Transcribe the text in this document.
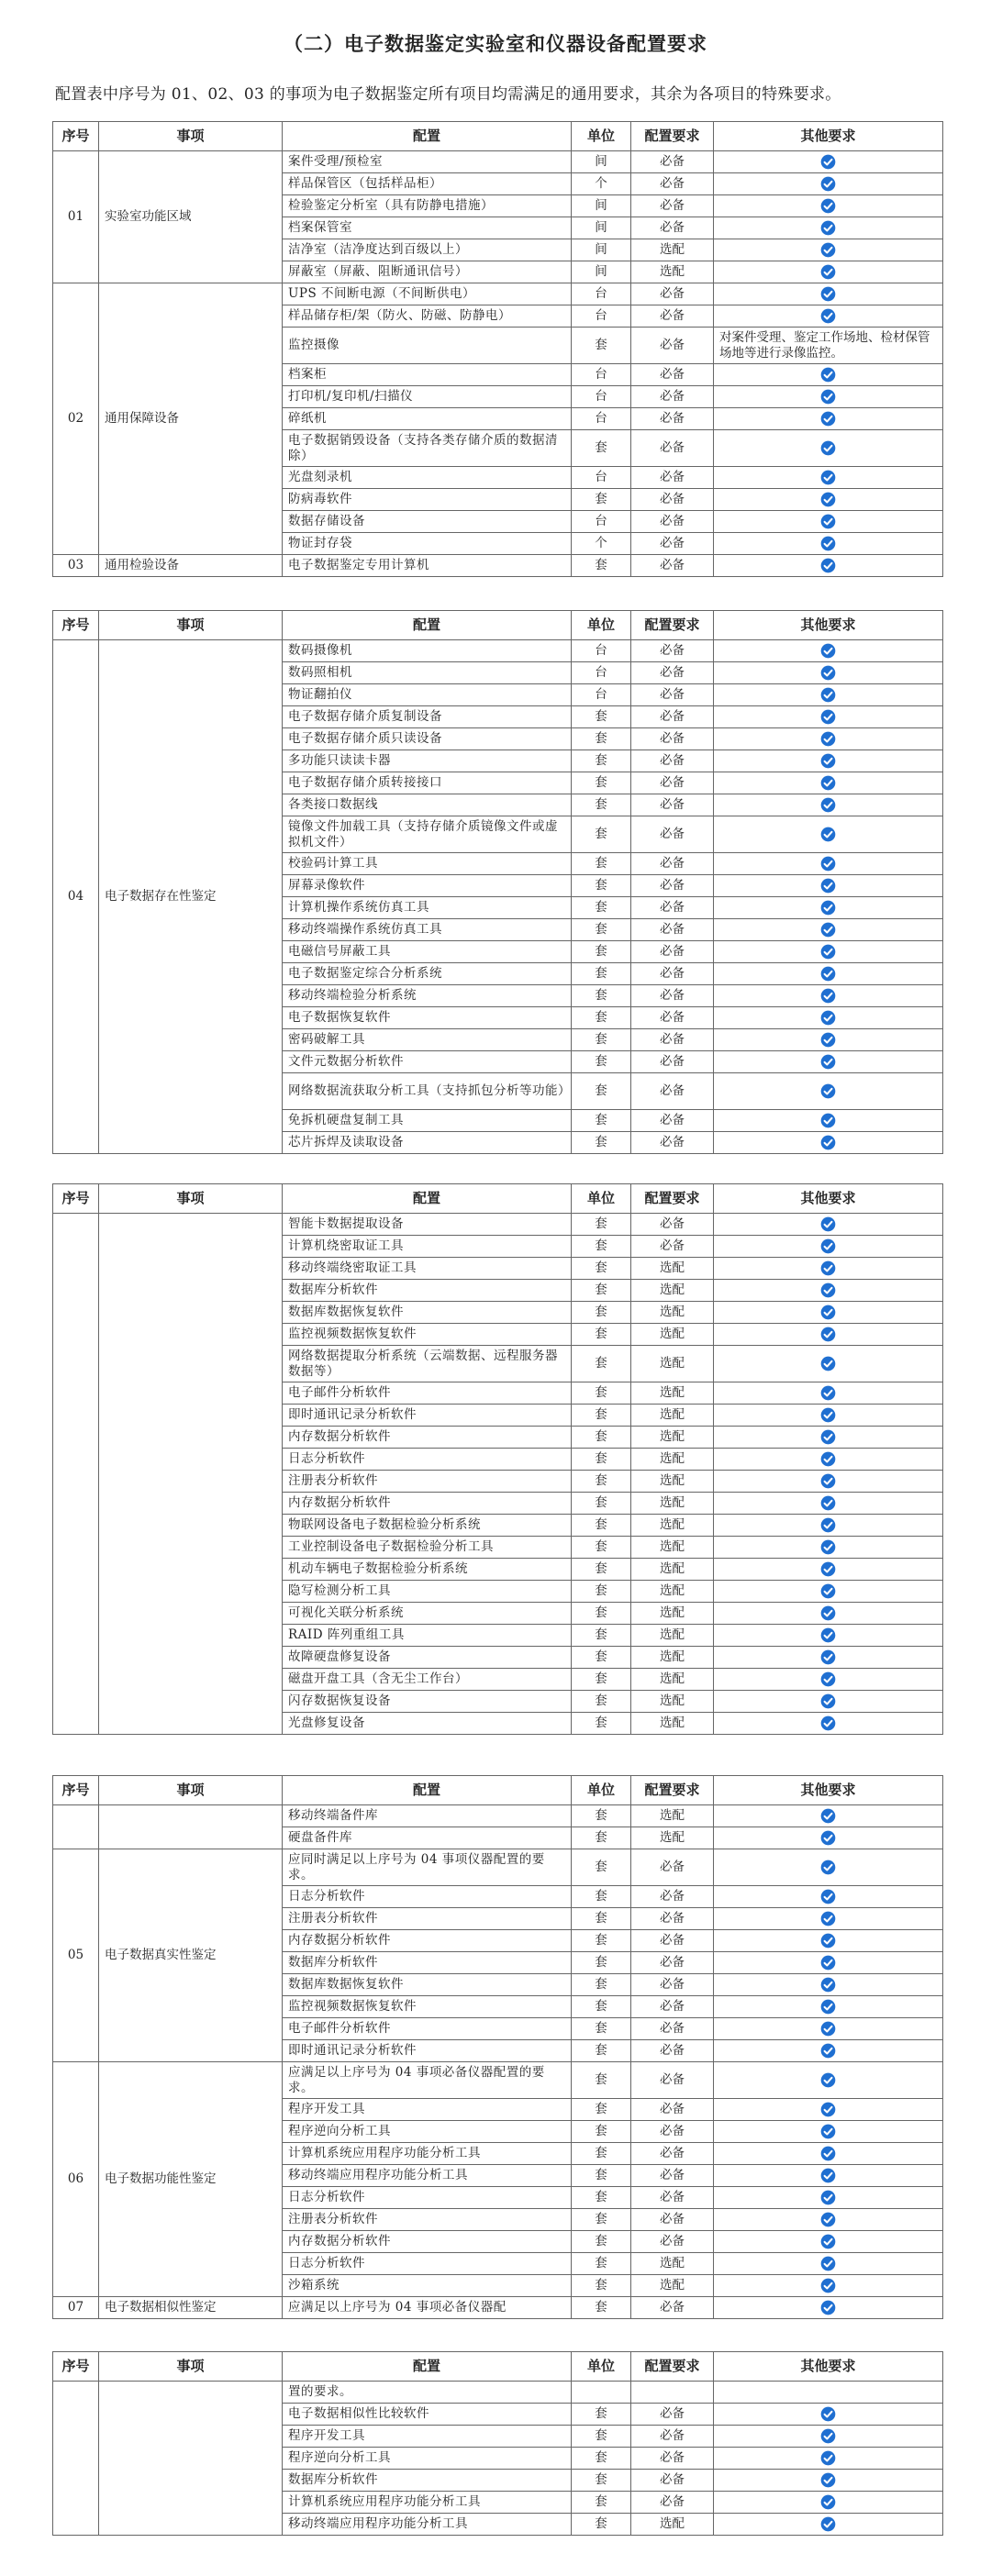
（二）电子数据鉴定实验室和仪器设备配置要求
配置表中序号为 01、02、03 的事项为电子数据鉴定所有项目均需满足的通用要求，其余为各项目的特殊要求。
序号	事项	配置	单位	配置要求	其他要求
01	实验室功能区域	案件受理/预检室	间	必备	

		样品保管区（包括样品柜）	个	必备	

		检验鉴定分析室（具有防静电措施）	间	必备	

		档案保管室	间	必备	

		洁净室（洁净度达到百级以上）	间	选配	

		屏蔽室（屏蔽、阻断通讯信号）	间	选配	

02	通用保障设备	UPS 不间断电源（不间断供电）	台	必备	

		样品储存柜/架（防火、防磁、防静电）	台	必备	

		监控摄像	套	必备	对案件受理、鉴定工作场地、检材保管场地等进行录像监控。
		档案柜	台	必备	

		打印机/复印机/扫描仪	台	必备	

		碎纸机	台	必备	

		电子数据销毁设备（支持各类存储介质的数据清除）	套	必备	

		光盘刻录机	台	必备	

		防病毒软件	套	必备	

		数据存储设备	台	必备	

		物证封存袋	个	必备	

03	通用检验设备	电子数据鉴定专用计算机	套	必备	
序号	事项	配置	单位	配置要求	其他要求
04	电子数据存在性鉴定	数码摄像机	台	必备	

		数码照相机	台	必备	

		物证翻拍仪	台	必备	

		电子数据存储介质复制设备	套	必备	

		电子数据存储介质只读设备	套	必备	

		多功能只读读卡器	套	必备	

		电子数据存储介质转接接口	套	必备	

		各类接口数据线	套	必备	

		镜像文件加载工具（支持存储介质镜像文件或虚拟机文件）	套	必备	

		校验码计算工具	套	必备	

		屏幕录像软件	套	必备	

		计算机操作系统仿真工具	套	必备	

		移动终端操作系统仿真工具	套	必备	

		电磁信号屏蔽工具	套	必备	

		电子数据鉴定综合分析系统	套	必备	

		移动终端检验分析系统	套	必备	

		电子数据恢复软件	套	必备	

		密码破解工具	套	必备	

		文件元数据分析软件	套	必备	

		网络数据流获取分析工具（支持抓包分析等功能）	套	必备	

		免拆机硬盘复制工具	套	必备	

		芯片拆焊及读取设备	套	必备	
序号	事项	配置	单位	配置要求	其他要求
		智能卡数据提取设备	套	必备	

		计算机绕密取证工具	套	必备	

		移动终端绕密取证工具	套	选配	

		数据库分析软件	套	选配	

		数据库数据恢复软件	套	选配	

		监控视频数据恢复软件	套	选配	

		网络数据提取分析系统（云端数据、远程服务器数据等）	套	选配	

		电子邮件分析软件	套	选配	

		即时通讯记录分析软件	套	选配	

		内存数据分析软件	套	选配	

		日志分析软件	套	选配	

		注册表分析软件	套	选配	

		内存数据分析软件	套	选配	

		物联网设备电子数据检验分析系统	套	选配	

		工业控制设备电子数据检验分析工具	套	选配	

		机动车辆电子数据检验分析系统	套	选配	

		隐写检测分析工具	套	选配	

		可视化关联分析系统	套	选配	

		RAID 阵列重组工具	套	选配	

		故障硬盘修复设备	套	选配	

		磁盘开盘工具（含无尘工作台）	套	选配	

		闪存数据恢复设备	套	选配	

		光盘修复设备	套	选配	
序号	事项	配置	单位	配置要求	其他要求
		移动终端备件库	套	选配	

		硬盘备件库	套	选配	

05	电子数据真实性鉴定	应同时满足以上序号为 04 事项仪器配置的要求。	套	必备	

		日志分析软件	套	必备	

		注册表分析软件	套	必备	

		内存数据分析软件	套	必备	

		数据库分析软件	套	必备	

		数据库数据恢复软件	套	必备	

		监控视频数据恢复软件	套	必备	

		电子邮件分析软件	套	必备	

		即时通讯记录分析软件	套	必备	

06	电子数据功能性鉴定	应满足以上序号为 04 事项必备仪器配置的要求。	套	必备	

		程序开发工具	套	必备	

		程序逆向分析工具	套	必备	

		计算机系统应用程序功能分析工具	套	必备	

		移动终端应用程序功能分析工具	套	必备	

		日志分析软件	套	必备	

		注册表分析软件	套	必备	

		内存数据分析软件	套	必备	

		日志分析软件	套	选配	

		沙箱系统	套	选配	

07	电子数据相似性鉴定	应满足以上序号为 04 事项必备仪器配	套	必备	
序号	事项	配置	单位	配置要求	其他要求
		置的要求。			
		电子数据相似性比较软件	套	必备	

		程序开发工具	套	必备	

		程序逆向分析工具	套	必备	

		数据库分析软件	套	必备	

		计算机系统应用程序功能分析工具	套	必备	

		移动终端应用程序功能分析工具	套	选配	
